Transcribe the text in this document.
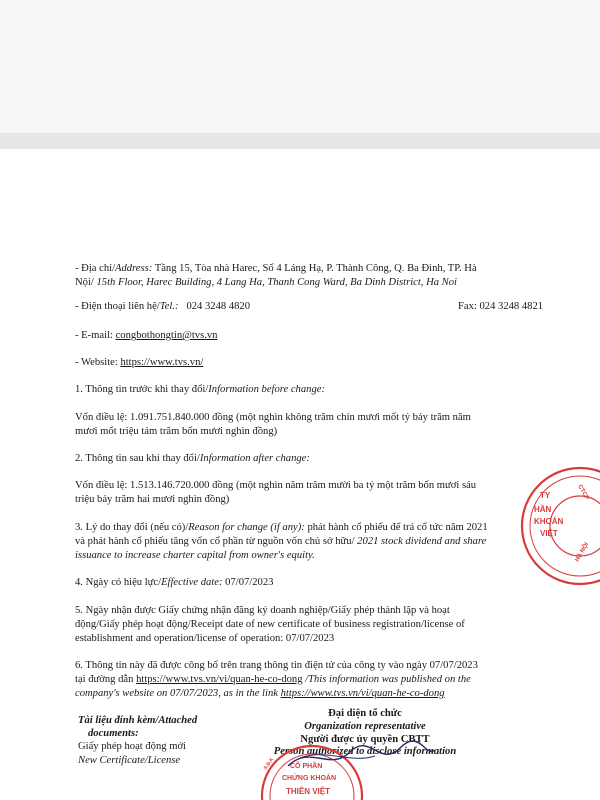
- Địa chỉ/Address: Tầng 15, Tòa nhà Harec, Số 4 Láng Hạ, P. Thành Công, Q. Ba Đình, TP. Hà

Nội/ 15th Floor, Harec Building, 4 Lang Ha, Thanh Cong Ward, Ba Dinh District, Ha Noi

- Điện thoại liên hệ/Tel.: 024 3248 4820	Fax: 024 3248 4821

- E-mail: congbothongtin@tvs.vn

- Website: https://www.tvs.vn/

1. Thông tin trước khi thay đổi/Information before change:

Vốn điều lệ: 1.091.751.840.000 đồng (một nghìn không trăm chín mươi mốt tỷ bảy trăm năm

mươi mốt triệu tám trăm bốn mươi nghìn đồng)

2. Thông tin sau khi thay đổi/Information after change:

Vốn điều lệ: 1.513.146.720.000 đồng (một nghìn năm trăm mười ba tỷ một trăm bốn mươi sáu

triệu bảy trăm hai mươi nghìn đồng)

3. Lý do thay đổi (nếu có)/Reason for change (if any): phát hành cổ phiếu để trả cổ tức năm 2021

và phát hành cổ phiếu tăng vốn cổ phần từ nguồn vốn chủ sở hữu/ 2021 stock dividend and share

issuance to increase charter capital from owner's equity.

4. Ngày có hiệu lực/Effective date: 07/07/2023

5. Ngày nhận được Giấy chứng nhận đăng ký doanh nghiệp/Giấy phép thành lập và hoạt

động/Giấy phép hoạt động/Receipt date of new certificate of business registration/license of

establishment and operation/license of operation: 07/07/2023

6. Thông tin này đã được công bố trên trang thông tin điện tử của công ty vào ngày 07/07/2023

tại đường dẫn https://www.tvs.vn/vi/quan-he-co-dong /This information was published on the

company's website on 07/07/2023, as in the link https://www.tvs.vn/vi/quan-he-co-dong

Tài liệu đính kèm/Attached
documents:
Giấy phép hoạt động mới
New Certificate/License
Đại diện tổ chức
Organization representative
Người được ủy quyền CBTT
Person authorized to disclose information
TY
HẦN
KHOÁN
VIỆT
CTCP
HÀ NỘI
CỔ PHẦN
CHỨNG KHOÁN
THIÊN VIỆT
S.Đ.K
